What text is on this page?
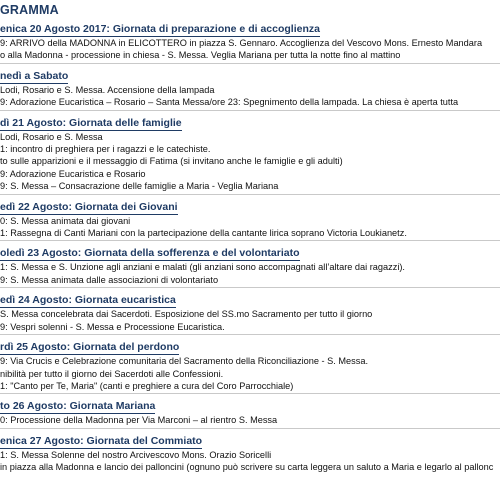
GRAMMA
enica 20 Agosto 2017: Giornata di preparazione e di accoglienza
9: ARRIVO della MADONNA in ELICOTTERO in piazza S. Gennaro. Accoglienza del Vescovo Mons. Ernesto Mandara
o alla Madonna - processione in chiesa - S. Messa. Veglia Mariana per tutta la notte fino al mattino
nedì a Sabato
Lodi, Rosario e S. Messa. Accensione della lampada
9: Adorazione Eucaristica – Rosario – Santa Messa/ore 23: Spegnimento della lampada. La chiesa è aperta tutta
dì 21 Agosto: Giornata delle famiglie
Lodi, Rosario e S. Messa
1: incontro di preghiera per i ragazzi e le catechiste.
to sulle apparizioni e il messaggio di Fatima (si invitano anche le famiglie e gli adulti)
9: Adorazione Eucaristica e Rosario
9: S. Messa – Consacrazione delle famiglie a Maria - Veglia Mariana
edì 22 Agosto: Giornata dei Giovani
0: S. Messa animata dai giovani
1: Rassegna di Canti Mariani con la partecipazione della cantante lirica soprano Victoria Loukianetz.
oledì 23 Agosto: Giornata della sofferenza e del volontariato
1: S. Messa e S. Unzione agli anziani e malati (gli anziani sono accompagnati all’altare dai ragazzi).
9: S. Messa animata dalle associazioni di volontariato
edì 24 Agosto: Giornata eucaristica
S. Messa concelebrata dai Sacerdoti. Esposizione del SS.mo Sacramento per tutto il giorno
9: Vespri solenni - S. Messa e Processione Eucaristica.
rdì 25 Agosto: Giornata del perdono
9: Via Crucis e Celebrazione comunitaria del Sacramento della Riconciliazione - S. Messa.
nibilità per tutto il giorno dei Sacerdoti alle Confessioni.
1: "Canto per Te, Maria" (canti e preghiere a cura del Coro Parrocchiale)
to 26 Agosto: Giornata Mariana
0: Processione della Madonna per Via Marconi – al rientro S. Messa
enica 27 Agosto: Giornata del Commiato
1: S. Messa Solenne del nostro Arcivescovo Mons. Orazio Soricelli
in piazza alla Madonna e lancio dei palloncini (ognuno può scrivere su carta leggera un saluto a Maria e legarlo al pallonc
